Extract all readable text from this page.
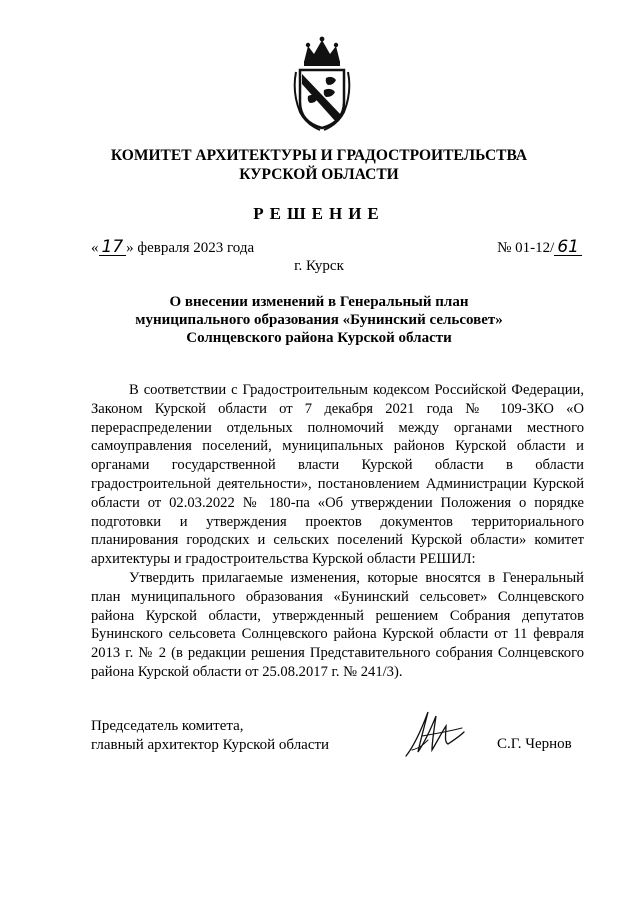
КОМИТЕТ АРХИТЕКТУРЫ И ГРАДОСТРОИТЕЛЬСТВА
КУРСКОЙ ОБЛАСТИ
РЕШЕНИЕ
« 17 » февраля 2023 года	№ 01-12/ 61
г. Курск
О внесении изменений в Генеральный план
муниципального образования «Бунинский сельсовет»
Солнцевского района Курской области

В соответствии с Градостроительным кодексом Российской Федерации, Законом Курской области от 7 декабря 2021 года № 109-ЗКО «О перераспределении отдельных полномочий между органами местного самоуправления поселений, муниципальных районов Курской области и органами государственной власти Курской области в области градостроительной деятельности», постановлением Администрации Курской области от 02.03.2022 № 180-па «Об утверждении Положения о порядке подготовки и утверждения проектов документов территориального планирования городских и сельских поселений Курской области» комитет архитектуры и градостроительства Курской области РЕШИЛ:

Утвердить прилагаемые изменения, которые вносятся в Генеральный план муниципального образования «Бунинский сельсовет» Солнцевского района Курской области, утвержденный решением Собрания депутатов Бунинского сельсовета Солнцевского района Курской области от 11 февраля 2013 г. № 2 (в редакции решения Представительного собрания Солнцевского района Курской области от 25.08.2017 г. № 241/3).

Председатель комитета,
главный архитектор Курской области	С.Г. Чернов
